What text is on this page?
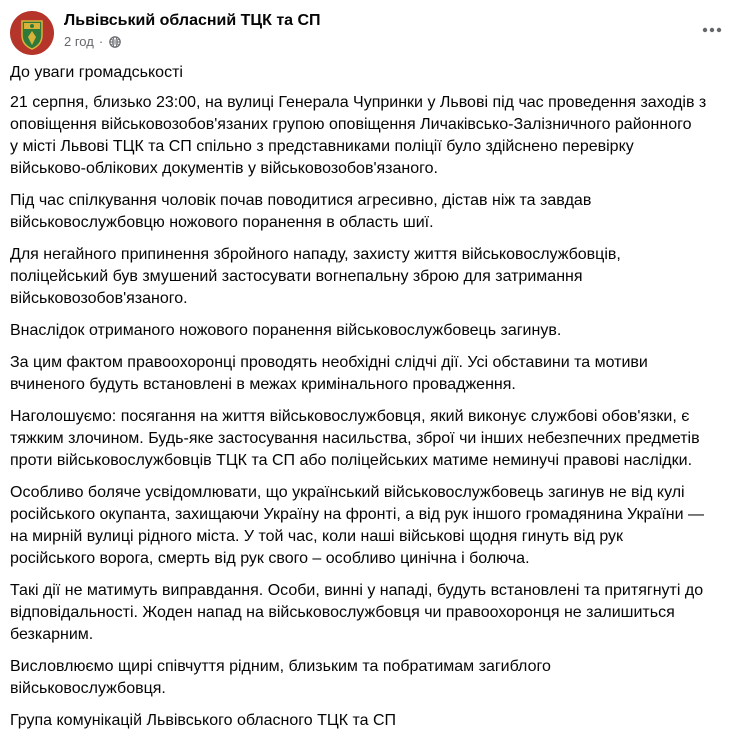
Львівський обласний ТЦК та СП
2 год ·

До уваги громадськості

21 серпня, близько 23:00, на вулиці Генерала Чупринки у Львові під час проведення заходів з
оповіщення військовозобов'язаних групою оповіщення Личаківсько-Залізничного районного
у місті Львові ТЦК та СП спільно з представниками поліції було здійснено перевірку
військово-облікових документів у військовозобов'язаного.

Під час спілкування чоловік почав поводитися агресивно, дістав ніж та завдав
військовослужбовцю ножового поранення в область шиї.

Для негайного припинення збройного нападу, захисту життя військовослужбовців,
поліцейський був змушений застосувати вогнепальну зброю для затримання
військовозобов'язаного.

Внаслідок отриманого ножового поранення військовослужбовець загинув.

За цим фактом правоохоронці проводять необхідні слідчі дії. Усі обставини та мотиви
вчиненого будуть встановлені в межах кримінального провадження.

Наголошуємо: посягання на життя військовослужбовця, який виконує службові обов'язки, є
тяжким злочином. Будь-яке застосування насильства, зброї чи інших небезпечних предметів
проти військовослужбовців ТЦК та СП або поліцейських матиме неминучі правові наслідки.

Особливо боляче усвідомлювати, що український військовослужбовець загинув не від кулі
російського окупанта, захищаючи Україну на фронті, а від рук іншого громадянина України —
на мирній вулиці рідного міста. У той час, коли наші військові щодня гинуть від рук
російського ворога, смерть від рук свого – особливо цинічна і болюча.

Такі дії не матимуть виправдання. Особи, винні у нападі, будуть встановлені та притягнуті до
відповідальності. Жоден напад на військовослужбовця чи правоохоронця не залишиться
безкарним.

Висловлюємо щирі співчуття рідним, близьким та побратимам загиблого
військовослужбовця.

Група комунікацій Львівського обласного ТЦК та СП
